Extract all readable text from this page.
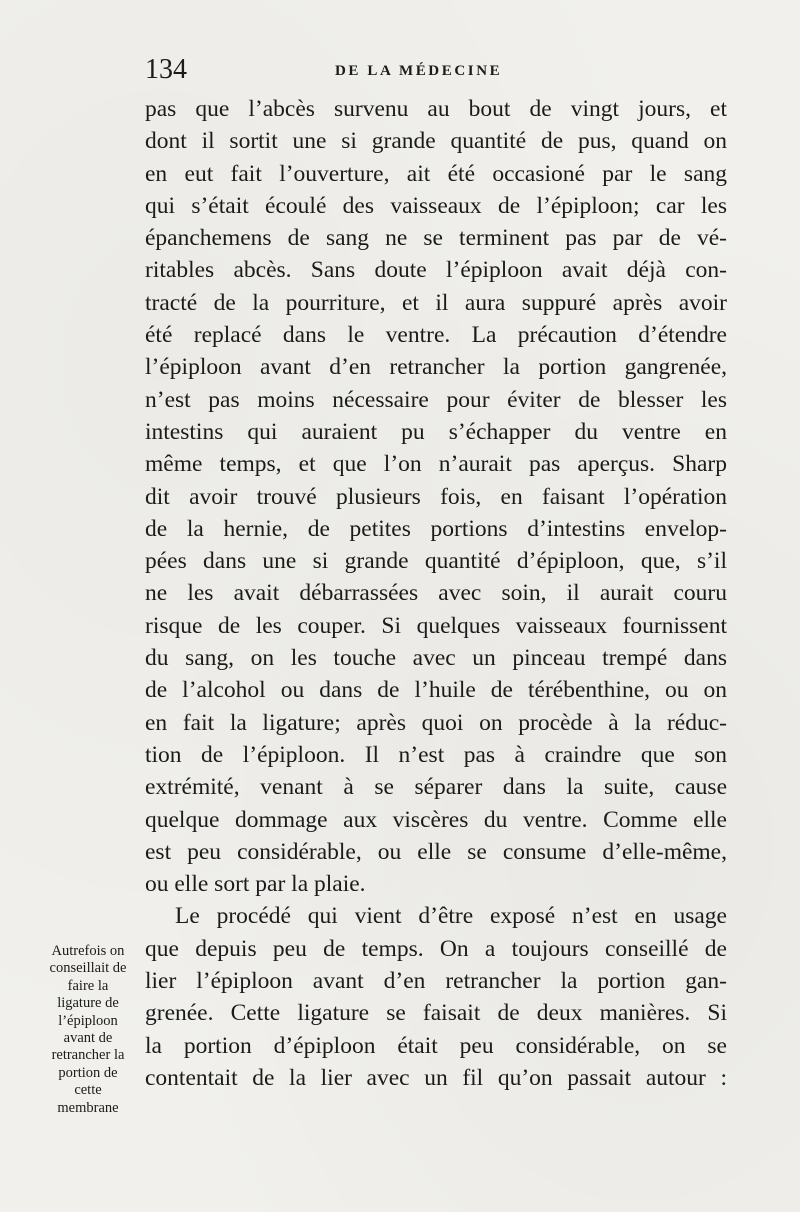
134	DE LA MÉDECINE
pas que l’abcès survenu au bout de vingt jours, et
dont il sortit une si grande quantité de pus, quand on
en eut fait l’ouverture, ait été occasioné par le sang
qui s’était écoulé des vaisseaux de l’épiploon; car les
épanchemens de sang ne se terminent pas par de vé-
ritables abcès. Sans doute l’épiploon avait déjà con-
tracté de la pourriture, et il aura suppuré après avoir
été replacé dans le ventre. La précaution d’étendre
l’épiploon avant d’en retrancher la portion gangrenée,
n’est pas moins nécessaire pour éviter de blesser les
intestins qui auraient pu s’échapper du ventre en
même temps, et que l’on n’aurait pas aperçus. Sharp
dit avoir trouvé plusieurs fois, en faisant l’opération
de la hernie, de petites portions d’intestins envelop-
pées dans une si grande quantité d’épiploon, que, s’il
ne les avait débarrassées avec soin, il aurait couru
risque de les couper. Si quelques vaisseaux fournissent
du sang, on les touche avec un pinceau trempé dans
de l’alcohol ou dans de l’huile de térébenthine, ou on
en fait la ligature; après quoi on procède à la réduc-
tion de l’épiploon. Il n’est pas à craindre que son
extrémité, venant à se séparer dans la suite, cause
quelque dommage aux viscères du ventre. Comme elle
est peu considérable, ou elle se consume d’elle-même,
ou elle sort par la plaie.
Le procédé qui vient d’être exposé n’est en usage
que depuis peu de temps. On a toujours conseillé de
lier l’épiploon avant d’en retrancher la portion gan-
grenée. Cette ligature se faisait de deux manières. Si
la portion d’épiploon était peu considérable, on se
contentait de la lier avec un fil qu’on passait autour :
Autrefois on
conseillait de
faire la
ligature de
l’épiploon
avant de
retrancher la
portion de
cette
membrane
